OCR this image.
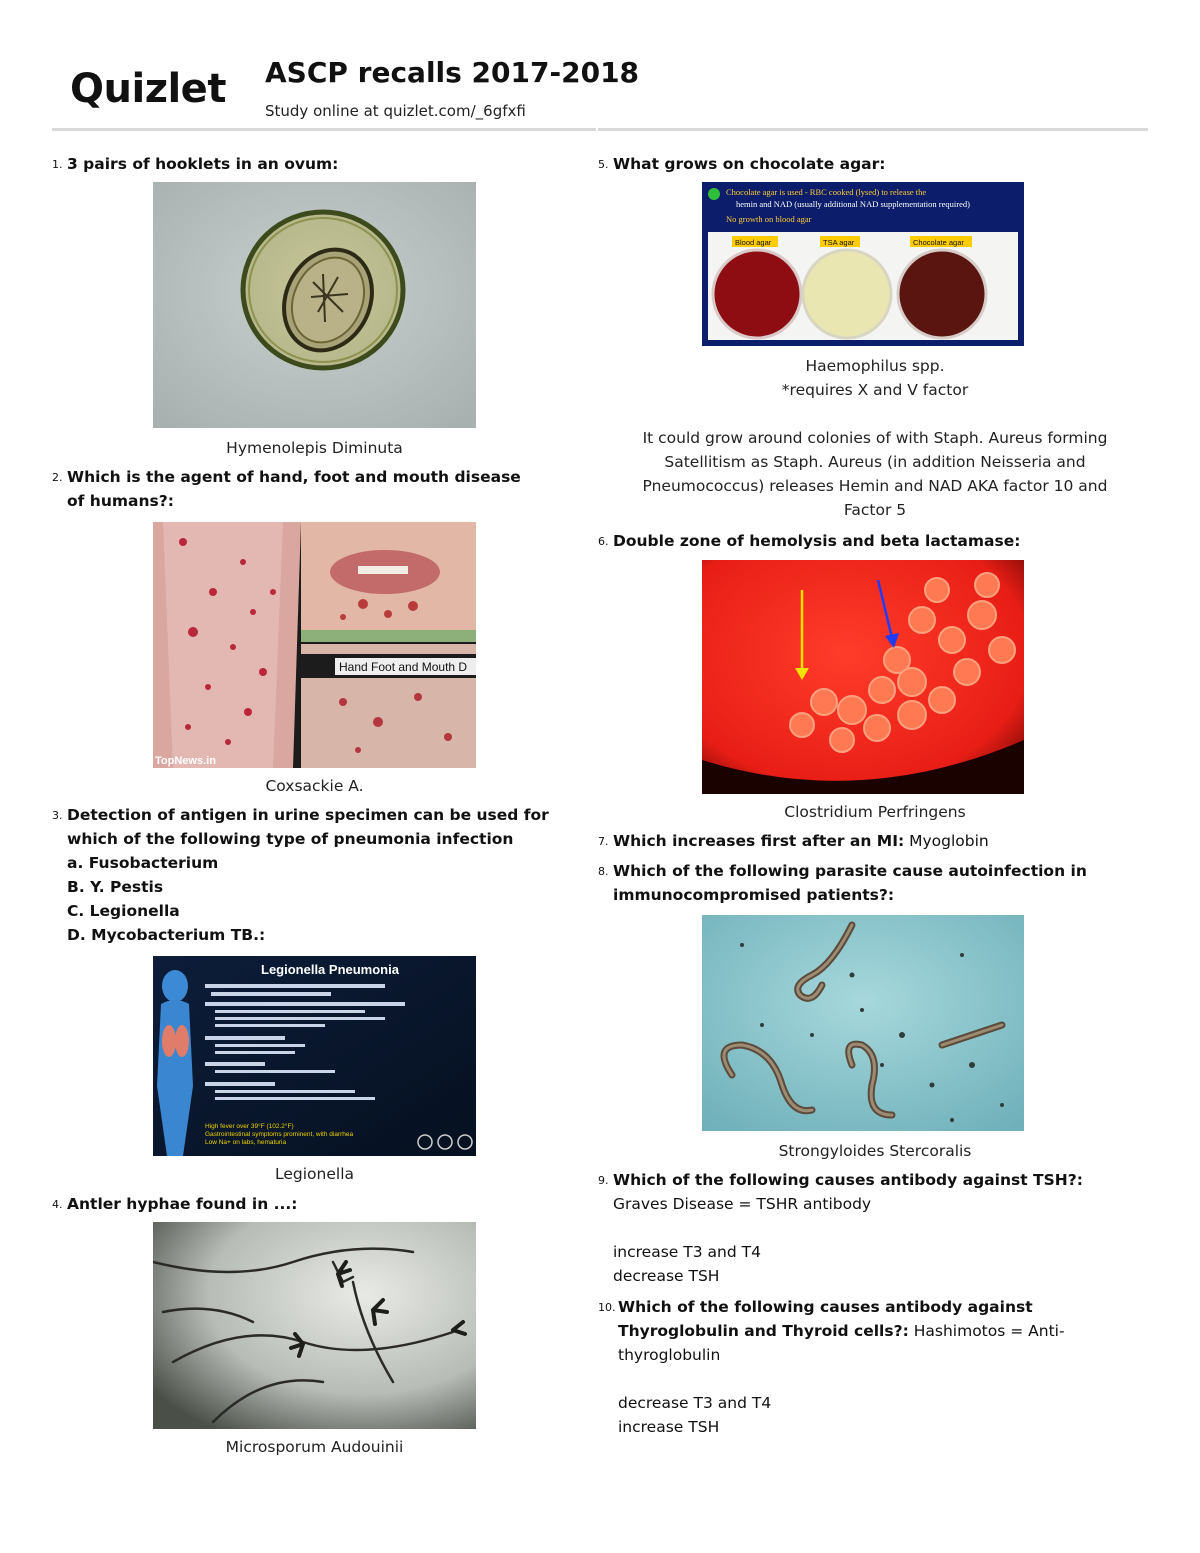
Quizlet ASCP recalls 2017-2018
Study online at quizlet.com/_6gfxfi
1. 3 pairs of hooklets in an ovum:
Hymenolepis Diminuta
2. Which is the agent of hand, foot and mouth disease of humans?:
TopNews.in
Hand Foot and Mouth D
Coxsackie A.
3. Detection of antigen in urine specimen can be used for which of the following type of pneumonia infection
a. Fusobacterium
B. Y. Pestis
C. Legionella
D. Mycobacterium TB.:
Legionella Pneumonia
High fever over 39°F (102.2°F)
Gastrointestinal symptoms prominent, with diarrhea
Low Na+ on labs, hematuria
Legionella
4. Antler hyphae found in ...:
Microsporum Audouinii
5. What grows on chocolate agar:
Chocolate agar is used - RBC cooked (lysed) to release the
hemin and NAD (usually additional NAD supplementation required)
No growth on blood agar
Blood agar	TSA agar	Chocolate agar
Haemophilus spp.
*requires X and V factor

It could grow around colonies of with Staph. Aureus forming Satellitism as Staph. Aureus (in addition Neisseria and Pneumococcus) releases Hemin and NAD AKA factor 10 and Factor 5
6. Double zone of hemolysis and beta lactamase:
Clostridium Perfringens
7. Which increases first after an MI: Myoglobin
8. Which of the following parasite cause autoinfection in immunocompromised patients?:
Strongyloides Stercoralis
9. Which of the following causes antibody against TSH?: Graves Disease = TSHR antibody

increase T3 and T4
decrease TSH
10. Which of the following causes antibody against Thyroglobulin and Thyroid cells?: Hashimotos = Anti-thyroglobulin

decrease T3 and T4
increase TSH
